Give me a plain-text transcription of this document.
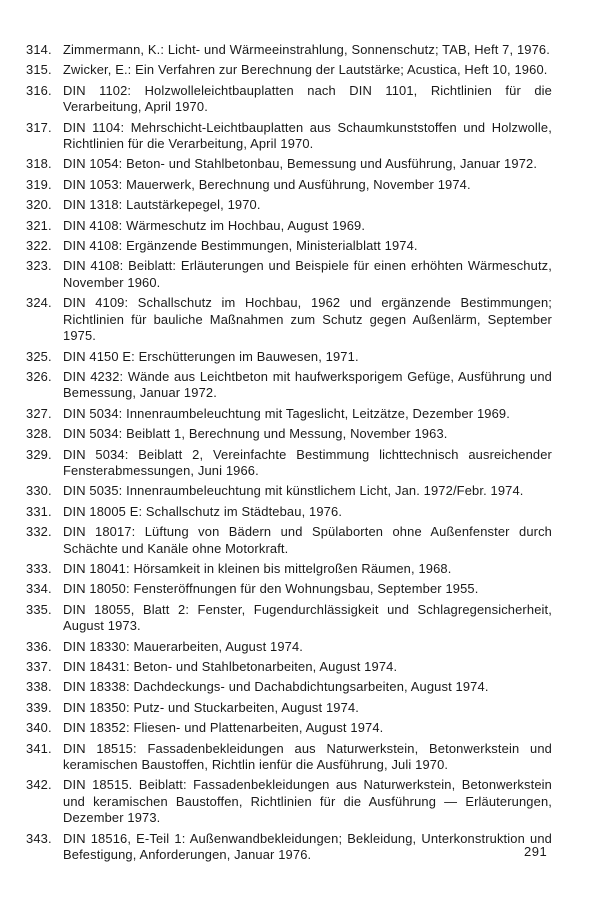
314. Zimmermann, K.: Licht- und Wärmeeinstrahlung, Sonnenschutz; TAB, Heft 7, 1976.
315. Zwicker, E.: Ein Verfahren zur Berechnung der Lautstärke; Acustica, Heft 10, 1960.
316. DIN 1102: Holzwolleleichtbauplatten nach DIN 1101, Richtlinien für die Verarbeitung, April 1970.
317. DIN 1104: Mehrschicht-Leichtbauplatten aus Schaumkunststoffen und Holzwolle, Richtlinien für die Verarbeitung, April 1970.
318. DIN 1054: Beton- und Stahlbetonbau, Bemessung und Ausführung, Januar 1972.
319. DIN 1053: Mauerwerk, Berechnung und Ausführung, November 1974.
320. DIN 1318: Lautstärkepegel, 1970.
321. DIN 4108: Wärmeschutz im Hochbau, August 1969.
322. DIN 4108: Ergänzende Bestimmungen, Ministerialblatt 1974.
323. DIN 4108: Beiblatt: Erläuterungen und Beispiele für einen erhöhten Wärmeschutz, November 1960.
324. DIN 4109: Schallschutz im Hochbau, 1962 und ergänzende Bestimmungen; Richtlinien für bauliche Maßnahmen zum Schutz gegen Außenlärm, September 1975.
325. DIN 4150 E: Erschütterungen im Bauwesen, 1971.
326. DIN 4232: Wände aus Leichtbeton mit haufwerksporigem Gefüge, Ausführung und Bemessung, Januar 1972.
327. DIN 5034: Innenraumbeleuchtung mit Tageslicht, Leitzätze, Dezember 1969.
328. DIN 5034: Beiblatt 1, Berechnung und Messung, November 1963.
329. DIN 5034: Beiblatt 2, Vereinfachte Bestimmung lichttechnisch ausreichender Fensterabmessungen, Juni 1966.
330. DIN 5035: Innenraumbeleuchtung mit künstlichem Licht, Jan. 1972/Febr. 1974.
331. DIN 18005 E: Schallschutz im Städtebau, 1976.
332. DIN 18017: Lüftung von Bädern und Spülaborten ohne Außenfenster durch Schächte und Kanäle ohne Motorkraft.
333. DIN 18041: Hörsamkeit in kleinen bis mittelgroßen Räumen, 1968.
334. DIN 18050: Fensteröffnungen für den Wohnungsbau, September 1955.
335. DIN 18055, Blatt 2: Fenster, Fugendurchlässigkeit und Schlagregensicherheit, August 1973.
336. DIN 18330: Mauerarbeiten, August 1974.
337. DIN 18431: Beton- und Stahlbetonarbeiten, August 1974.
338. DIN 18338: Dachdeckungs- und Dachabdichtungsarbeiten, August 1974.
339. DIN 18350: Putz- und Stuckarbeiten, August 1974.
340. DIN 18352: Fliesen- und Plattenarbeiten, August 1974.
341. DIN 18515: Fassadenbekleidungen aus Naturwerkstein, Betonwerkstein und keramischen Baustoffen, Richtlin ienfür die Ausführung, Juli 1970.
342. DIN 18515. Beiblatt: Fassadenbekleidungen aus Naturwerkstein, Betonwerkstein und keramischen Baustoffen, Richtlinien für die Ausführung — Erläuterungen, Dezember 1973.
343. DIN 18516, E-Teil 1: Außenwandbekleidungen; Bekleidung, Unterkonstruktion und Befestigung, Anforderungen, Januar 1976.	291
